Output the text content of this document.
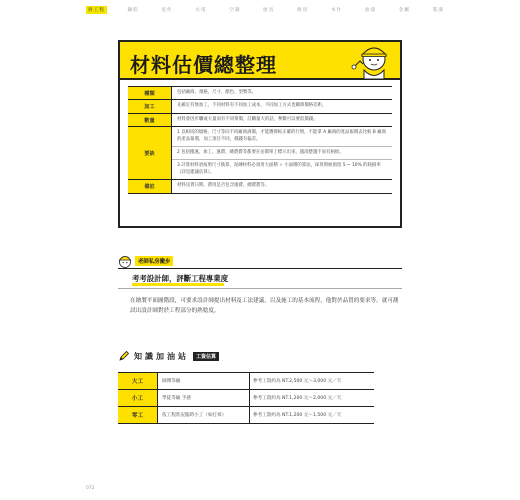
拆工程	鋼筋	泥作	水電	空調	廚具	衛浴	木作	油漆	金屬	裝潢
材料估價總整理
種類	包括廠商、規格、尺寸、顏色、型號等。
加工	先確定有無加工，不同材料有不同加工成本，不同加工方式也關係價格差距。
數量	材料會因步驟或大量而有不同單價，訂購量大的話，參數可以要低價錢。
要訣
1 以相同的規格、尺寸等向不同廠商詢價，才能選擇較正確的行情，不能拿 A 廠商的產品報價去比較 B 廠商的產品報價，加工項目不同，價錢有偏差。
2 包括搬運、加工、運費、總費費等都要在估價單上標示出來，越清楚越不易有糾紛。
3 計算材料須按照尺寸換算，泥磚材料必須用大面積 ÷ 小面積的算法，採買時候預留 5 ~ 10% 的耗損率（詳見建議估算）。
備註	材料送貨日期、費用是否包含運費、總費費等。
老師私房撇步
考考設計師，評斷工程專業度
在繪製平面圖階段，可要求設計師提出材料及工法建議，以及施工的基本流程，他對於品質的要求等，就可測試出設計師對於工程部分的熟稔度。
知識加油站	工資估算
大工	師傅等級	參考工資約為 NT.2,500 元～3,000 元／天
小工	學徒等級 手感	參考工資約為 NT.1,200 元～2,000 元／天
零工	依工程狀況臨時小工（如打掃）	參考工資約為 NT.1,200 元～1,500 元／天
072
